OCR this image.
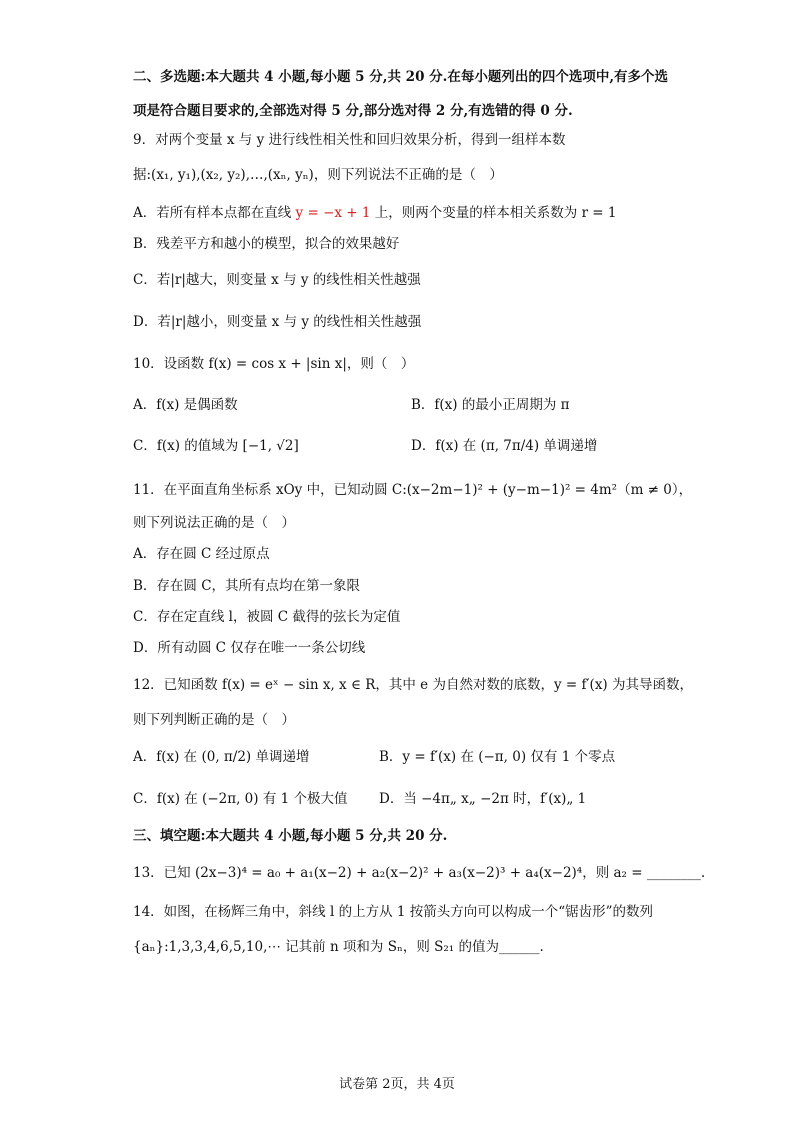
二、多选题:本大题共 4 小题,每小题 5 分,共 20 分.在每小题列出的四个选项中,有多个选
项是符合题目要求的,全部选对得 5 分,部分选对得 2 分,有选错的得 0 分.
9．对两个变量 x 与 y 进行线性相关性和回归效果分析，得到一组样本数
据:(x₁, y₁),(x₂, y₂),…,(xₙ, yₙ)，则下列说法不正确的是（　）
A．若所有样本点都在直线 y = −x + 1 上，则两个变量的样本相关系数为 r = 1
B．残差平方和越小的模型，拟合的效果越好
C．若|r|越大，则变量 x 与 y 的线性相关性越强
D．若|r|越小，则变量 x 与 y 的线性相关性越强
10．设函数 f(x) = cos x + |sin x|，则（　）
A．f(x) 是偶函数	B．f(x) 的最小正周期为 π
C．f(x) 的值域为 [−1, √2]	D．f(x) 在 (π, 7π/4) 单调递增
11．在平面直角坐标系 xOy 中，已知动圆 C:(x−2m−1)² + (y−m−1)² = 4m²（m ≠ 0），
则下列说法正确的是（　）
A．存在圆 C 经过原点
B．存在圆 C，其所有点均在第一象限
C．存在定直线 l，被圆 C 截得的弦长为定值
D．所有动圆 C 仅存在唯一一条公切线
12．已知函数 f(x) = eˣ − sin x, x ∈ R，其中 e 为自然对数的底数，y = f′(x) 为其导函数，
则下列判断正确的是（　）
A．f(x) 在 (0, π/2) 单调递增	B．y = f′(x) 在 (−π, 0) 仅有 1 个零点
C．f(x) 在 (−2π, 0) 有 1 个极大值 D．当 −4π„ x„ −2π 时，f′(x)„ 1
三、填空题:本大题共 4 小题,每小题 5 分,共 20 分.
13．已知 (2x−3)⁴ = a₀ + a₁(x−2) + a₂(x−2)² + a₃(x−2)³ + a₄(x−2)⁴，则 a₂ = ________.
14．如图，在杨辉三角中，斜线 l 的上方从 1 按箭头方向可以构成一个“锯齿形”的数列
{aₙ}:1,3,3,4,6,5,10,⋯ 记其前 n 项和为 Sₙ，则 S₂₁ 的值为______.
试卷第 2页，共 4页
